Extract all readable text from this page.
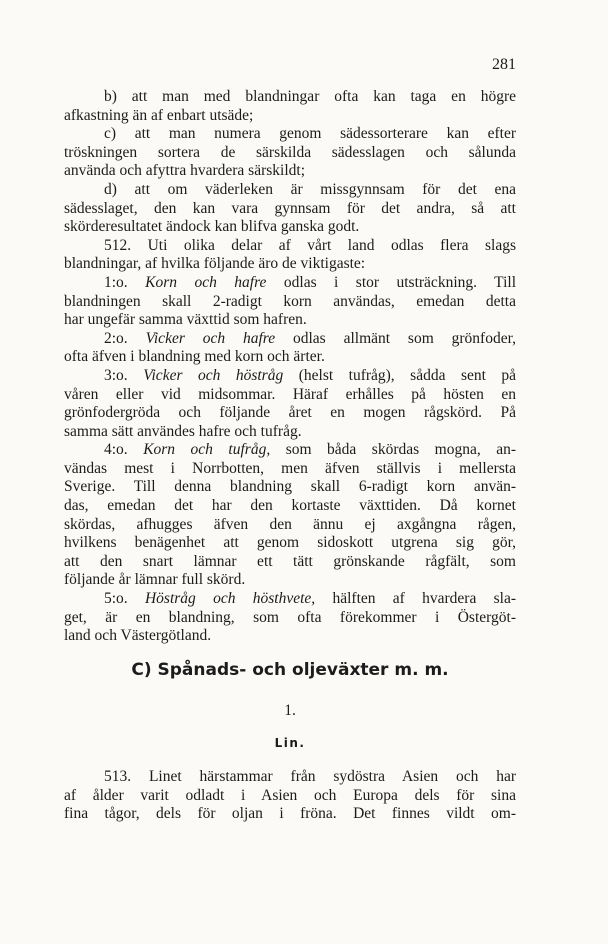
281
b) att man med blandningar ofta kan taga en högre
afkastning än af enbart utsäde;
c) att man numera genom sädessorterare kan efter
tröskningen sortera de särskilda sädesslagen och sålunda
använda och afyttra hvardera särskildt;
d) att om väderleken är missgynnsam för det ena
sädesslaget, den kan vara gynnsam för det andra, så att
skörderesultatet ändock kan blifva ganska godt.
512. Uti olika delar af vårt land odlas flera slags
blandningar, af hvilka följande äro de viktigaste:
1:o. Korn och hafre odlas i stor utsträckning. Till
blandningen skall 2-radigt korn användas, emedan detta
har ungefär samma växttid som hafren.
2:o. Vicker och hafre odlas allmänt som grönfoder,
ofta äfven i blandning med korn och ärter.
3:o. Vicker och höstråg (helst tufråg), sådda sent på
våren eller vid midsommar. Häraf erhålles på hösten en
grönfodergröda och följande året en mogen rågskörd. På
samma sätt användes hafre och tufråg.
4:o. Korn och tufråg, som båda skördas mogna, an-
vändas mest i Norrbotten, men äfven ställvis i mellersta
Sverige. Till denna blandning skall 6-radigt korn använ-
das, emedan det har den kortaste växttiden. Då kornet
skördas, afhugges äfven den ännu ej axgångna rågen,
hvilkens benägenhet att genom sidoskott utgrena sig gör,
att den snart lämnar ett tätt grönskande rågfält, som
följande år lämnar full skörd.
5:o. Höstråg och hösthvete, hälften af hvardera sla-
get, är en blandning, som ofta förekommer i Östergöt-
land och Västergötland.
C) Spånads- och oljeväxter m. m.
1.
Lin.
513. Linet härstammar från sydöstra Asien och har
af ålder varit odladt i Asien och Europa dels för sina
fina tågor, dels för oljan i fröna. Det finnes vildt om-
